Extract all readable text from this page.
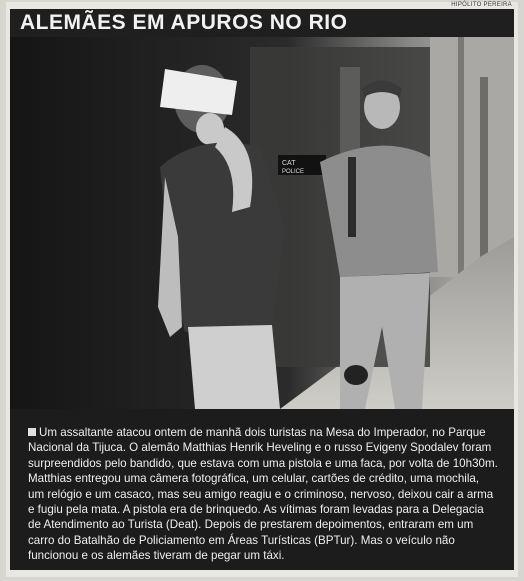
HIPÓLITO PEREIRA
ALEMÃES EM APUROS NO RIO
CAT
POLICE
Um assaltante atacou ontem de manhã dois turistas na Mesa do Imperador, no Parque Nacional da Tijuca. O alemão Matthias Henrik Heveling e o russo Evigeny Spodalev foram surpreendidos pelo bandido, que estava com uma pistola e uma faca, por volta de 10h30m. Matthias entregou uma câmera fotográfica, um celular, cartões de crédito, uma mochila, um relógio e um casaco, mas seu amigo reagiu e o criminoso, nervoso, deixou cair a arma e fugiu pela mata. A pistola era de brinquedo. As vítimas foram levadas para a Delegacia de Atendimento ao Turista (Deat). Depois de prestarem depoimentos, entraram em um carro do Batalhão de Policiamento em Áreas Turísticas (BPTur). Mas o veículo não funcionou e os alemães tiveram de pegar um táxi.
